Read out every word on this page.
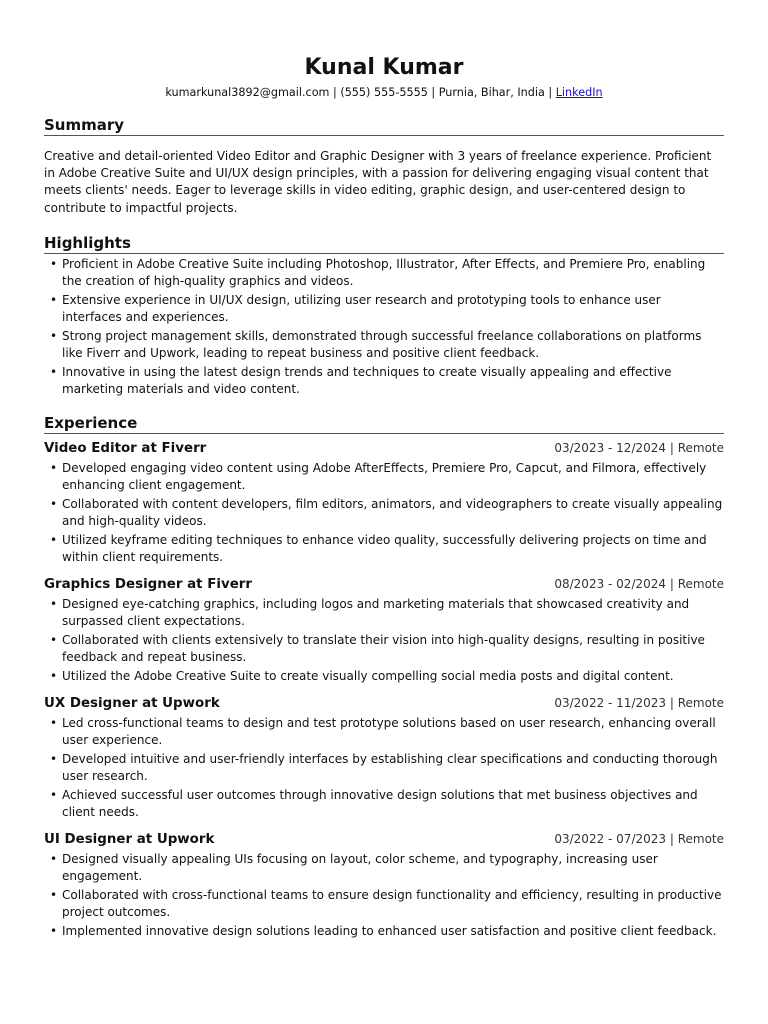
Kunal Kumar
kumarkunal3892@gmail.com | (555) 555-5555 | Purnia, Bihar, India | LinkedIn
Summary
Creative and detail-oriented Video Editor and Graphic Designer with 3 years of freelance experience. Proficient in Adobe Creative Suite and UI/UX design principles, with a passion for delivering engaging visual content that meets clients' needs. Eager to leverage skills in video editing, graphic design, and user-centered design to contribute to impactful projects.
Highlights
• Proficient in Adobe Creative Suite including Photoshop, Illustrator, After Effects, and Premiere Pro, enabling the creation of high-quality graphics and videos.
• Extensive experience in UI/UX design, utilizing user research and prototyping tools to enhance user interfaces and experiences.
• Strong project management skills, demonstrated through successful freelance collaborations on platforms like Fiverr and Upwork, leading to repeat business and positive client feedback.
• Innovative in using the latest design trends and techniques to create visually appealing and effective marketing materials and video content.
Experience
Video Editor at Fiverr	03/2023 - 12/2024 | Remote
• Developed engaging video content using Adobe AfterEffects, Premiere Pro, Capcut, and Filmora, effectively enhancing client engagement.
• Collaborated with content developers, film editors, animators, and videographers to create visually appealing and high-quality videos.
• Utilized keyframe editing techniques to enhance video quality, successfully delivering projects on time and within client requirements.
Graphics Designer at Fiverr	08/2023 - 02/2024 | Remote
• Designed eye-catching graphics, including logos and marketing materials that showcased creativity and surpassed client expectations.
• Collaborated with clients extensively to translate their vision into high-quality designs, resulting in positive feedback and repeat business.
• Utilized the Adobe Creative Suite to create visually compelling social media posts and digital content.
UX Designer at Upwork	03/2022 - 11/2023 | Remote
• Led cross-functional teams to design and test prototype solutions based on user research, enhancing overall user experience.
• Developed intuitive and user-friendly interfaces by establishing clear specifications and conducting thorough user research.
• Achieved successful user outcomes through innovative design solutions that met business objectives and client needs.
UI Designer at Upwork	03/2022 - 07/2023 | Remote
• Designed visually appealing UIs focusing on layout, color scheme, and typography, increasing user engagement.
• Collaborated with cross-functional teams to ensure design functionality and efficiency, resulting in productive project outcomes.
• Implemented innovative design solutions leading to enhanced user satisfaction and positive client feedback.
